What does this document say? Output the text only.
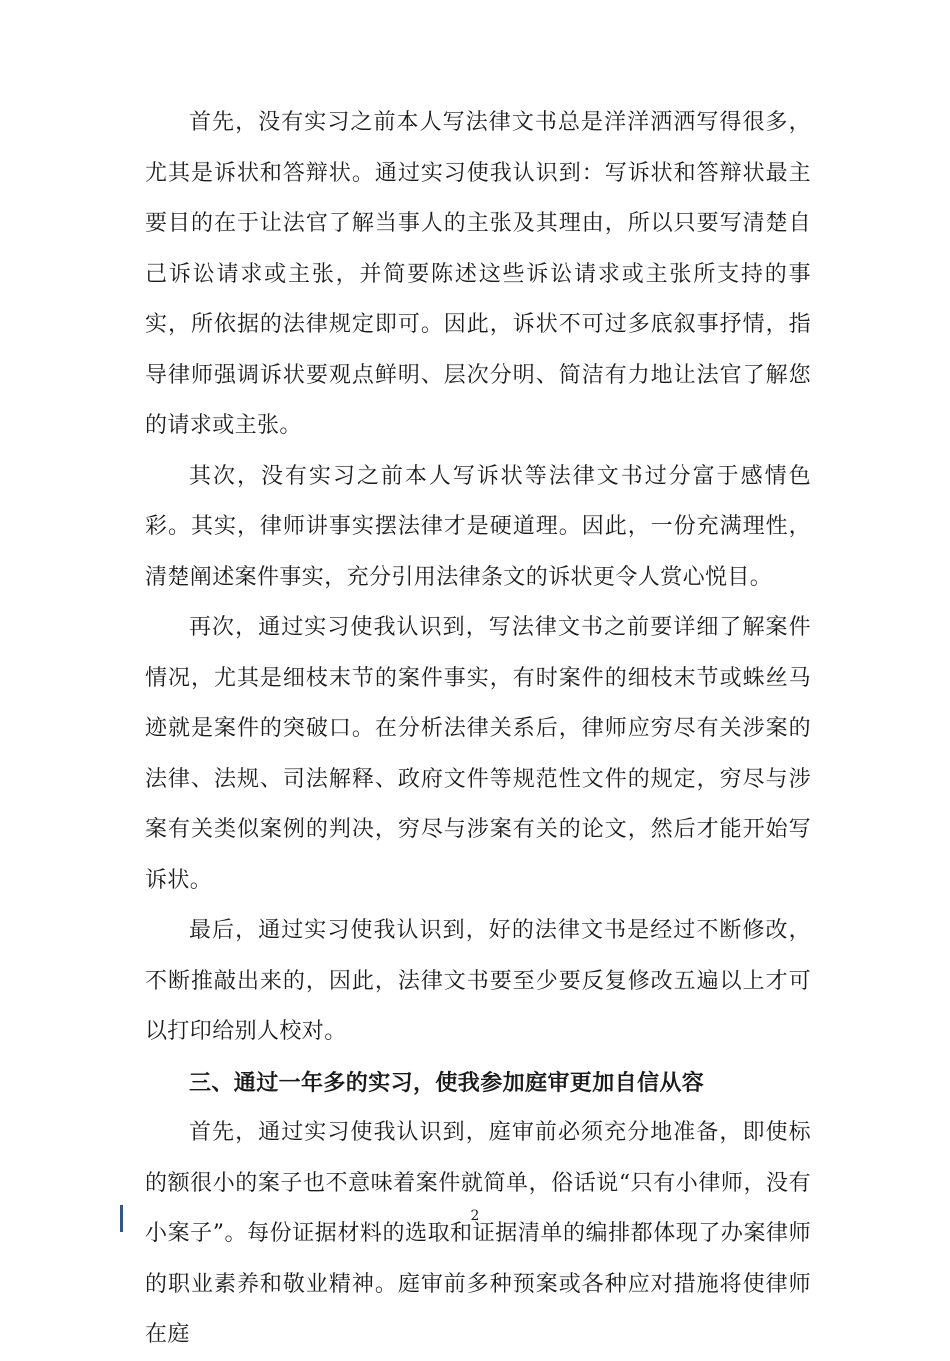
首先，没有实习之前本人写法律文书总是洋洋洒洒写得很多，尤其是诉状和答辩状。通过实习使我认识到：写诉状和答辩状最主要目的在于让法官了解当事人的主张及其理由，所以只要写清楚自己诉讼请求或主张，并简要陈述这些诉讼请求或主张所支持的事实，所依据的法律规定即可。因此，诉状不可过多底叙事抒情，指导律师强调诉状要观点鲜明、层次分明、简洁有力地让法官了解您的请求或主张。

其次，没有实习之前本人写诉状等法律文书过分富于感情色彩。其实，律师讲事实摆法律才是硬道理。因此，一份充满理性，清楚阐述案件事实，充分引用法律条文的诉状更令人赏心悦目。

再次，通过实习使我认识到，写法律文书之前要详细了解案件情况，尤其是细枝末节的案件事实，有时案件的细枝末节或蛛丝马迹就是案件的突破口。在分析法律关系后，律师应穷尽有关涉案的法律、法规、司法解释、政府文件等规范性文件的规定，穷尽与涉案有关类似案例的判决，穷尽与涉案有关的论文，然后才能开始写诉状。

最后，通过实习使我认识到，好的法律文书是经过不断修改，不断推敲出来的，因此，法律文书要至少要反复修改五遍以上才可以打印给别人校对。

三、通过一年多的实习，使我参加庭审更加自信从容

首先，通过实习使我认识到，庭审前必须充分地准备，即使标的额很小的案子也不意味着案件就简单，俗话说“只有小律师，没有小案子”。每份证据材料的选取和证据清单的编排都体现了办案律师的职业素养和敬业精神。庭审前多种预案或各种应对措施将使律师在庭

2
